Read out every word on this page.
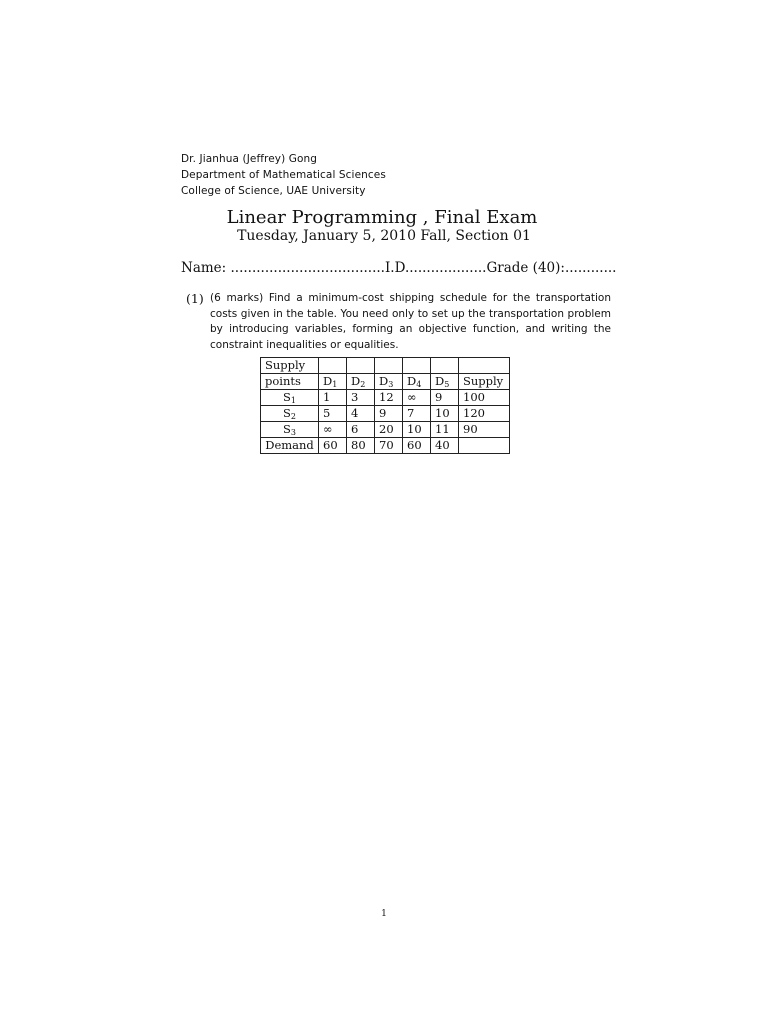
Dr. Jianhua (Jeffrey) Gong
Department of Mathematical Sciences
College of Science, UAE University
Linear Programming , Final Exam
Tuesday, January 5, 2010 Fall, Section 01
Name: ....................................I.D...................Grade (40):............
(1) (6 marks) Find a minimum-cost shipping schedule for the transportation costs given in the table. You need only to set up the transportation problem by introducing variables, forming an objective function, and writing the constraint inequalities or equalities.
Supply						
points	$D_1$	$D_2$	$D_3$	$D_4$	$D_5$	Supply
$S_1$	1	3	12	∞	9	100
$S_2$	5	4	9	7	10	120
$S_3$	∞	6	20	10	11	90
Demand	60	80	70	60	40	
1
